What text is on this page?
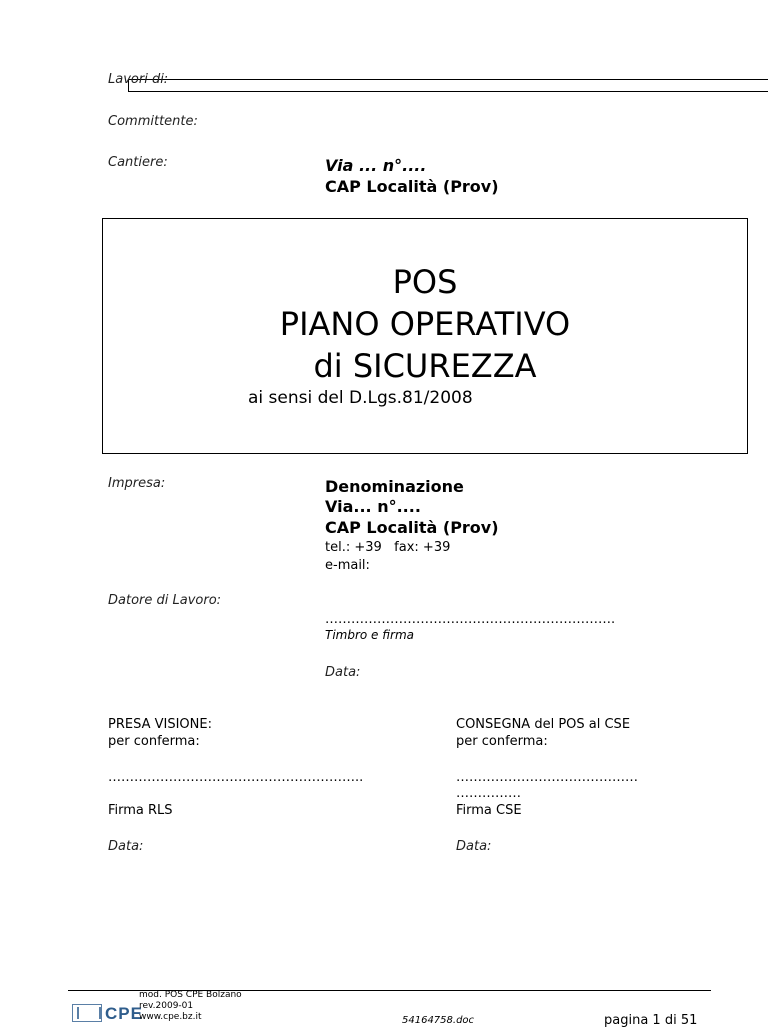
Lavori di:
Committente:
Cantiere:	Via ... n°....
CAP Località (Prov)
POS
PIANO OPERATIVO
di SICUREZZA
ai sensi del D.Lgs.81/2008
Impresa:	Denominazione
Via... n°....
CAP Località (Prov)
tel.: +39   fax: +39
e-mail:
Datore di Lavoro:
………………………………………………………….
Timbro e firma
Data:
PRESA VISIONE:
per conferma:
…………………………………………………..
Firma RLS
Data:
CONSEGNA del POS al CSE
per conferma:
……………………………………
……………
Firma CSE
Data:
CPE
mod. POS CPE Bolzano
rev.2009-01
www.cpe.bz.it	54164758.doc	pagina 1 di 51
